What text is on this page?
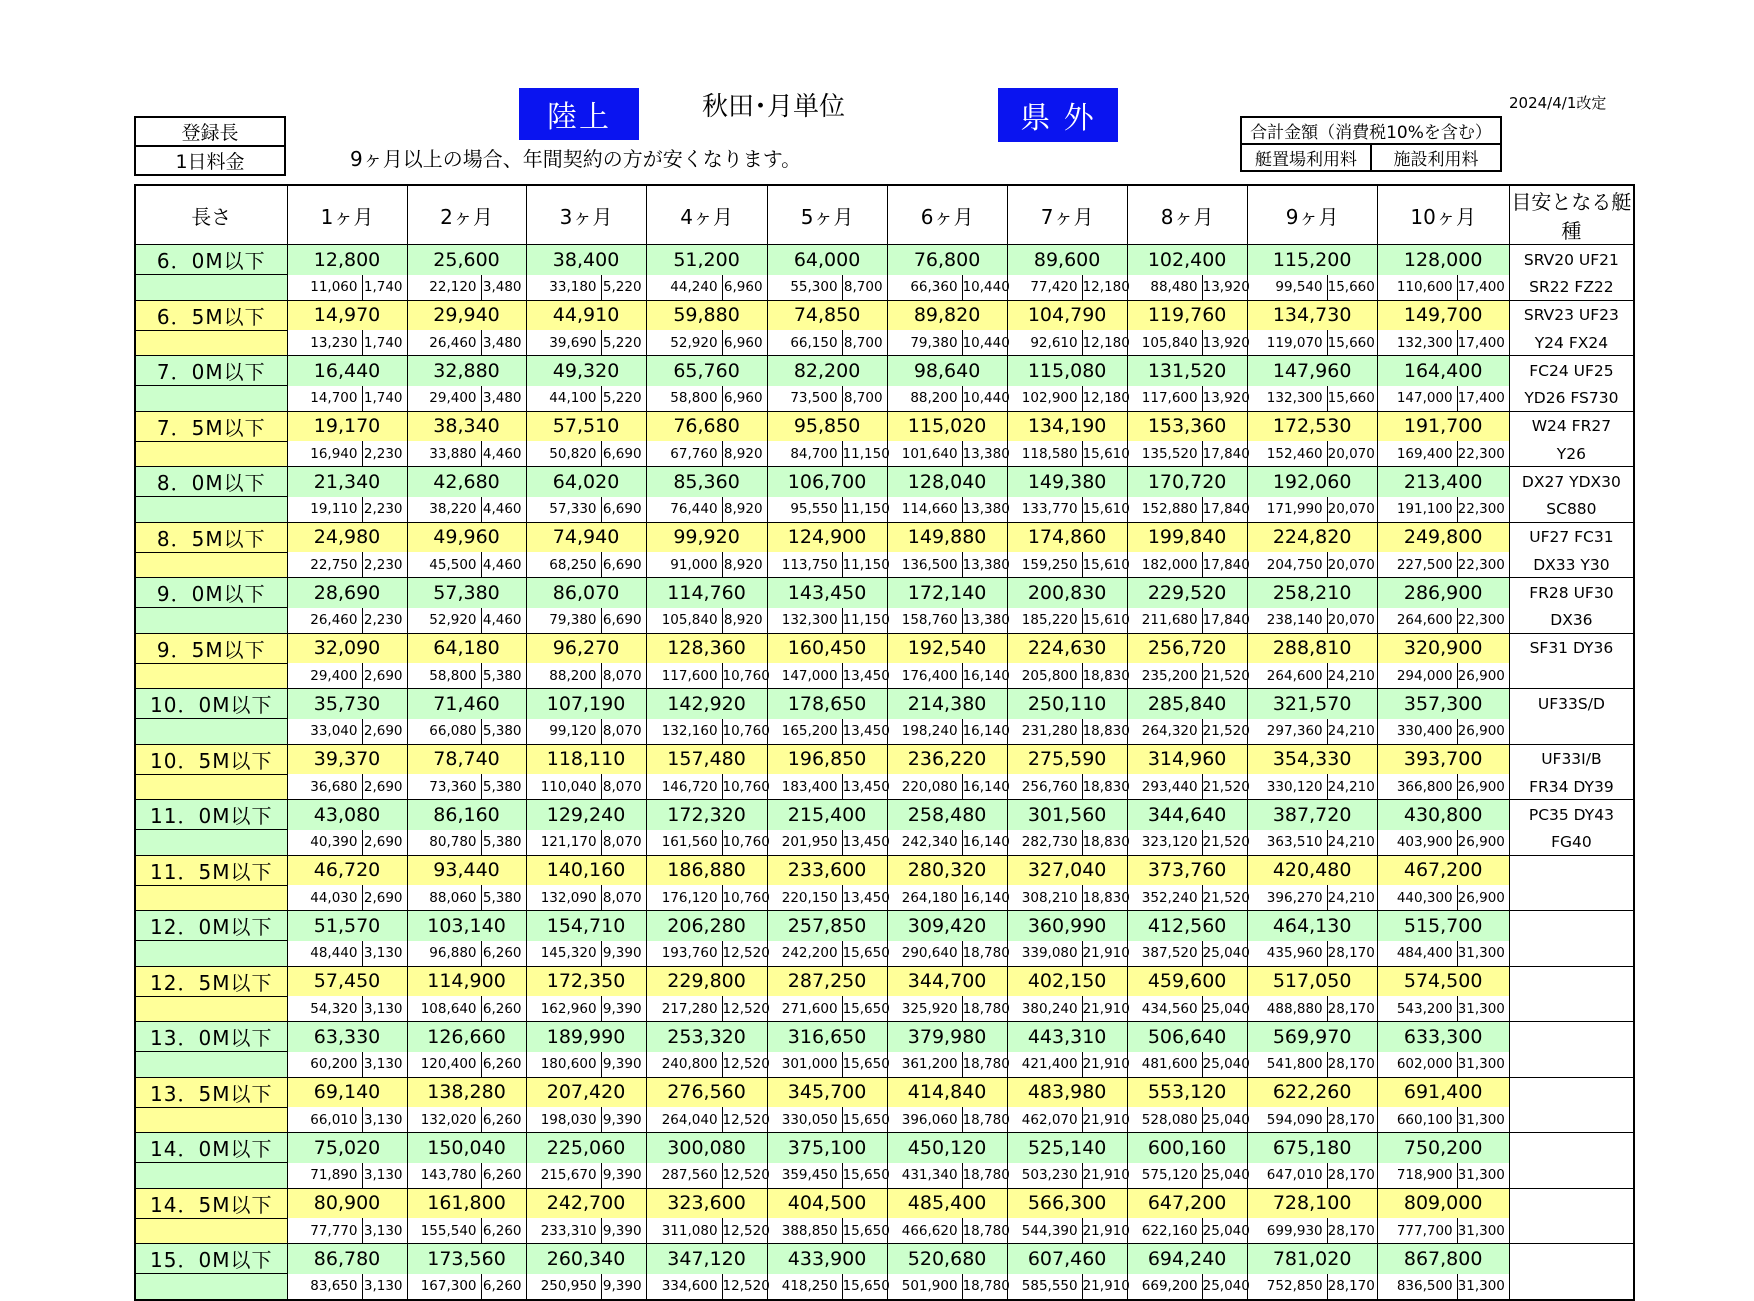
陸上	秋田･月単位	県 外	2024/4/1改定
登録長
1日料金	9ヶ月以上の場合、年間契約の方が安くなります。
合計金額（消費税10%を含む）
艇置場利用料	施設利用料
長さ	1ヶ月		2ヶ月		3ヶ月		4ヶ月		5ヶ月		6ヶ月		7ヶ月		8ヶ月		9ヶ月		10ヶ月		目安となる艇種
6．0M以下	12,800		25,600		38,400		51,200		64,000		76,800		89,600		102,400		115,200		128,000		SRV20 UF21
	11,060	1,740	22,120	3,480	33,180	5,220	44,240	6,960	55,300	8,700	66,360	10,440	77,420	12,180	88,480	13,920	99,540	15,660	110,600	17,400	SR22 FZ22
6．5M以下	14,970		29,940		44,910		59,880		74,850		89,820		104,790		119,760		134,730		149,700		SRV23 UF23
	13,230	1,740	26,460	3,480	39,690	5,220	52,920	6,960	66,150	8,700	79,380	10,440	92,610	12,180	105,840	13,920	119,070	15,660	132,300	17,400	Y24 FX24
7．0M以下	16,440		32,880		49,320		65,760		82,200		98,640		115,080		131,520		147,960		164,400		FC24 UF25
	14,700	1,740	29,400	3,480	44,100	5,220	58,800	6,960	73,500	8,700	88,200	10,440	102,900	12,180	117,600	13,920	132,300	15,660	147,000	17,400	YD26 FS730
7．5M以下	19,170		38,340		57,510		76,680		95,850		115,020		134,190		153,360		172,530		191,700		W24 FR27
	16,940	2,230	33,880	4,460	50,820	6,690	67,760	8,920	84,700	11,150	101,640	13,380	118,580	15,610	135,520	17,840	152,460	20,070	169,400	22,300	Y26
8．0M以下	21,340		42,680		64,020		85,360		106,700		128,040		149,380		170,720		192,060		213,400		DX27 YDX30
	19,110	2,230	38,220	4,460	57,330	6,690	76,440	8,920	95,550	11,150	114,660	13,380	133,770	15,610	152,880	17,840	171,990	20,070	191,100	22,300	SC880
8．5M以下	24,980		49,960		74,940		99,920		124,900		149,880		174,860		199,840		224,820		249,800		UF27 FC31
	22,750	2,230	45,500	4,460	68,250	6,690	91,000	8,920	113,750	11,150	136,500	13,380	159,250	15,610	182,000	17,840	204,750	20,070	227,500	22,300	DX33 Y30
9．0M以下	28,690		57,380		86,070		114,760		143,450		172,140		200,830		229,520		258,210		286,900		FR28 UF30
	26,460	2,230	52,920	4,460	79,380	6,690	105,840	8,920	132,300	11,150	158,760	13,380	185,220	15,610	211,680	17,840	238,140	20,070	264,600	22,300	DX36
9．5M以下	32,090		64,180		96,270		128,360		160,450		192,540		224,630		256,720		288,810		320,900		SF31 DY36
	29,400	2,690	58,800	5,380	88,200	8,070	117,600	10,760	147,000	13,450	176,400	16,140	205,800	18,830	235,200	21,520	264,600	24,210	294,000	26,900	
10．0M以下	35,730		71,460		107,190		142,920		178,650		214,380		250,110		285,840		321,570		357,300		UF33S/D
	33,040	2,690	66,080	5,380	99,120	8,070	132,160	10,760	165,200	13,450	198,240	16,140	231,280	18,830	264,320	21,520	297,360	24,210	330,400	26,900	
10．5M以下	39,370		78,740		118,110		157,480		196,850		236,220		275,590		314,960		354,330		393,700		UF33I/B
	36,680	2,690	73,360	5,380	110,040	8,070	146,720	10,760	183,400	13,450	220,080	16,140	256,760	18,830	293,440	21,520	330,120	24,210	366,800	26,900	FR34 DY39
11．0M以下	43,080		86,160		129,240		172,320		215,400		258,480		301,560		344,640		387,720		430,800		PC35 DY43
	40,390	2,690	80,780	5,380	121,170	8,070	161,560	10,760	201,950	13,450	242,340	16,140	282,730	18,830	323,120	21,520	363,510	24,210	403,900	26,900	FG40
11．5M以下	46,720		93,440		140,160		186,880		233,600		280,320		327,040		373,760		420,480		467,200		
	44,030	2,690	88,060	5,380	132,090	8,070	176,120	10,760	220,150	13,450	264,180	16,140	308,210	18,830	352,240	21,520	396,270	24,210	440,300	26,900	
12．0M以下	51,570		103,140		154,710		206,280		257,850		309,420		360,990		412,560		464,130		515,700		
	48,440	3,130	96,880	6,260	145,320	9,390	193,760	12,520	242,200	15,650	290,640	18,780	339,080	21,910	387,520	25,040	435,960	28,170	484,400	31,300	
12．5M以下	57,450		114,900		172,350		229,800		287,250		344,700		402,150		459,600		517,050		574,500		
	54,320	3,130	108,640	6,260	162,960	9,390	217,280	12,520	271,600	15,650	325,920	18,780	380,240	21,910	434,560	25,040	488,880	28,170	543,200	31,300	
13．0M以下	63,330		126,660		189,990		253,320		316,650		379,980		443,310		506,640		569,970		633,300		
	60,200	3,130	120,400	6,260	180,600	9,390	240,800	12,520	301,000	15,650	361,200	18,780	421,400	21,910	481,600	25,040	541,800	28,170	602,000	31,300	
13．5M以下	69,140		138,280		207,420		276,560		345,700		414,840		483,980		553,120		622,260		691,400		
	66,010	3,130	132,020	6,260	198,030	9,390	264,040	12,520	330,050	15,650	396,060	18,780	462,070	21,910	528,080	25,040	594,090	28,170	660,100	31,300	
14．0M以下	75,020		150,040		225,060		300,080		375,100		450,120		525,140		600,160		675,180		750,200		
	71,890	3,130	143,780	6,260	215,670	9,390	287,560	12,520	359,450	15,650	431,340	18,780	503,230	21,910	575,120	25,040	647,010	28,170	718,900	31,300	
14．5M以下	80,900		161,800		242,700		323,600		404,500		485,400		566,300		647,200		728,100		809,000		
	77,770	3,130	155,540	6,260	233,310	9,390	311,080	12,520	388,850	15,650	466,620	18,780	544,390	21,910	622,160	25,040	699,930	28,170	777,700	31,300	
15．0M以下	86,780		173,560		260,340		347,120		433,900		520,680		607,460		694,240		781,020		867,800		
	83,650	3,130	167,300	6,260	250,950	9,390	334,600	12,520	418,250	15,650	501,900	18,780	585,550	21,910	669,200	25,040	752,850	28,170	836,500	31,300	
